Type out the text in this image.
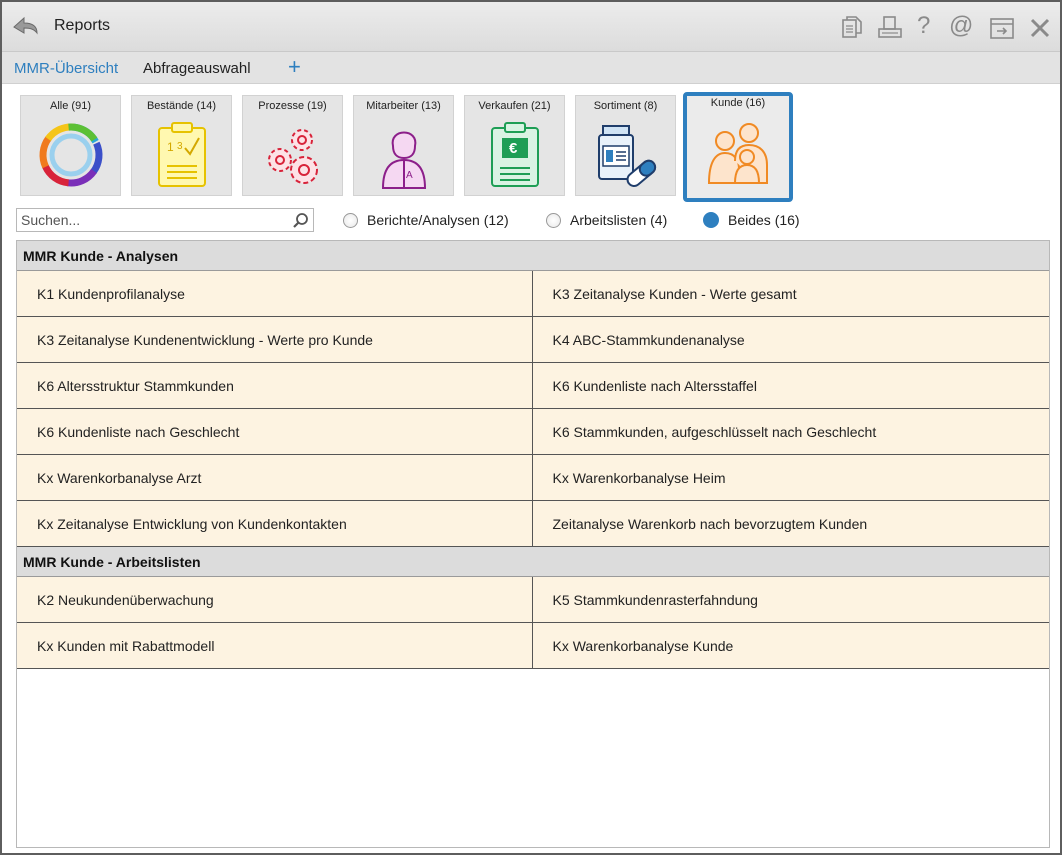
Reports	? @
MMR-Übersicht Abfrageauswahl +
Alle (91)	Bestände (14)
1 3
Prozesse (19)	Mitarbeiter (13)
A
Verkaufen (21)
€
Sortiment (8)	Kunde (16)
Suchen...
Berichte/Analysen (12)	Arbeitslisten (4)	Beides (16)
MMR Kunde - Analysen
K1 Kundenprofilanalyse	K3 Zeitanalyse Kunden - Werte gesamt
K3 Zeitanalyse Kundenentwicklung - Werte pro Kunde	K4 ABC-Stammkundenanalyse
K6 Altersstruktur Stammkunden	K6 Kundenliste nach Altersstaffel
K6 Kundenliste nach Geschlecht	K6 Stammkunden, aufgeschlüsselt nach Geschlecht
Kx Warenkorbanalyse Arzt	Kx Warenkorbanalyse Heim
Kx Zeitanalyse Entwicklung von Kundenkontakten	Zeitanalyse Warenkorb nach bevorzugtem Kunden
MMR Kunde - Arbeitslisten
K2 Neukundenüberwachung	K5 Stammkundenrasterfahndung
Kx Kunden mit Rabattmodell	Kx Warenkorbanalyse Kunde
